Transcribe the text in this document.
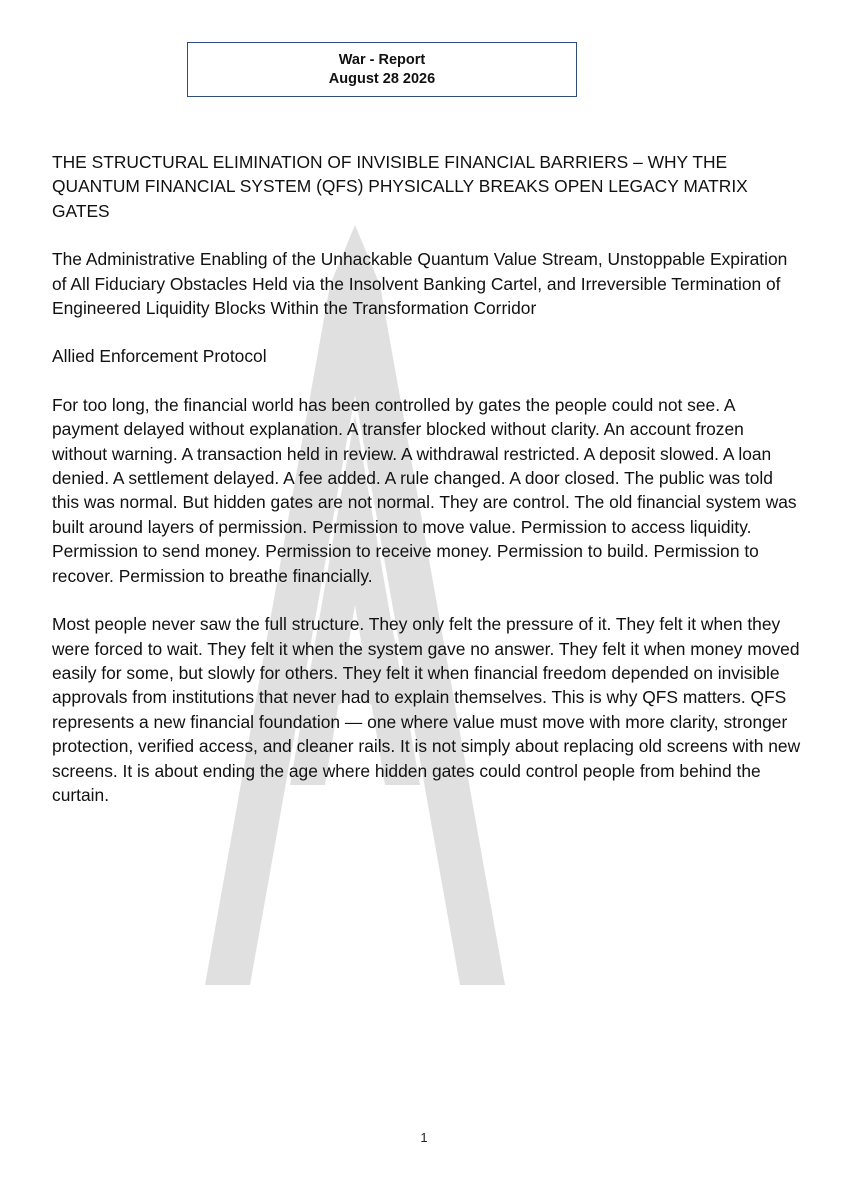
War - Report
August 28 2026

THE STRUCTURAL ELIMINATION OF INVISIBLE FINANCIAL BARRIERS – WHY THE QUANTUM FINANCIAL SYSTEM (QFS) PHYSICALLY BREAKS OPEN LEGACY MATRIX GATES

The Administrative Enabling of the Unhackable Quantum Value Stream, Unstoppable Expiration of All Fiduciary Obstacles Held via the Insolvent Banking Cartel, and Irreversible Termination of Engineered Liquidity Blocks Within the Transformation Corridor

Allied Enforcement Protocol

For too long, the financial world has been controlled by gates the people could not see. A payment delayed without explanation. A transfer blocked without clarity. An account frozen without warning. A transaction held in review. A withdrawal restricted. A deposit slowed. A loan denied. A settlement delayed. A fee added. A rule changed. A door closed. The public was told this was normal. But hidden gates are not normal. They are control. The old financial system was built around layers of permission. Permission to move value. Permission to access liquidity. Permission to send money. Permission to receive money. Permission to build. Permission to recover. Permission to breathe financially.

Most people never saw the full structure. They only felt the pressure of it. They felt it when they were forced to wait. They felt it when the system gave no answer. They felt it when money moved easily for some, but slowly for others. They felt it when financial freedom depended on invisible approvals from institutions that never had to explain themselves. This is why QFS matters. QFS represents a new financial foundation — one where value must move with more clarity, stronger protection, verified access, and cleaner rails. It is not simply about replacing old screens with new screens. It is about ending the age where hidden gates could control people from behind the curtain.

1
